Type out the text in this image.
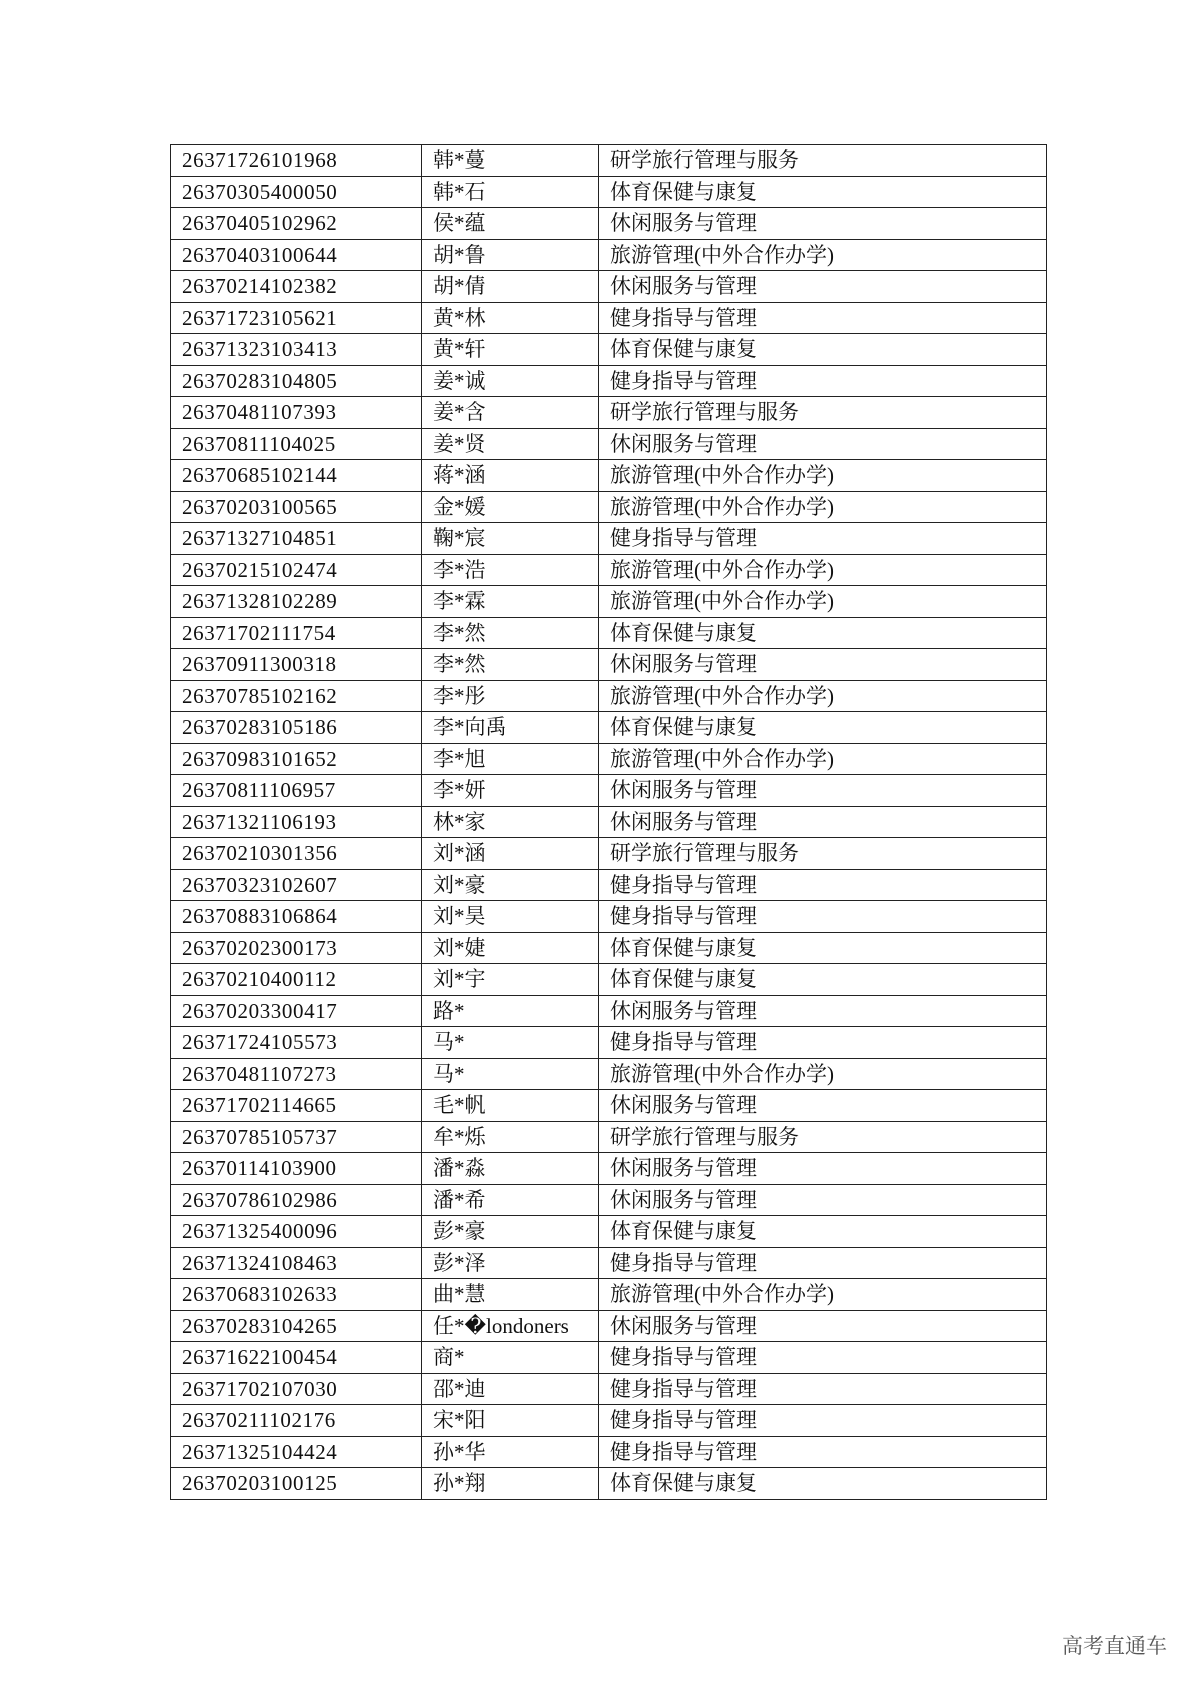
26371726101968	韩*蔓	研学旅行管理与服务
26370305400050	韩*石	体育保健与康复
26370405102962	侯*蕴	休闲服务与管理
26370403100644	胡*鲁	旅游管理(中外合作办学)
26370214102382	胡*倩	休闲服务与管理
26371723105621	黄*林	健身指导与管理
26371323103413	黄*轩	体育保健与康复
26370283104805	姜*诚	健身指导与管理
26370481107393	姜*含	研学旅行管理与服务
26370811104025	姜*贤	休闲服务与管理
26370685102144	蒋*涵	旅游管理(中外合作办学)
26370203100565	金*媛	旅游管理(中外合作办学)
26371327104851	鞠*宸	健身指导与管理
26370215102474	李*浩	旅游管理(中外合作办学)
26371328102289	李*霖	旅游管理(中外合作办学)
26371702111754	李*然	体育保健与康复
26370911300318	李*然	休闲服务与管理
26370785102162	李*彤	旅游管理(中外合作办学)
26370283105186	李*向禹	体育保健与康复
26370983101652	李*旭	旅游管理(中外合作办学)
26370811106957	李*妍	休闲服务与管理
26371321106193	林*家	休闲服务与管理
26370210301356	刘*涵	研学旅行管理与服务
26370323102607	刘*豪	健身指导与管理
26370883106864	刘*昊	健身指导与管理
26370202300173	刘*婕	体育保健与康复
26370210400112	刘*宇	体育保健与康复
26370203300417	路*	休闲服务与管理
26371724105573	马*	健身指导与管理
26370481107273	马*	旅游管理(中外合作办学)
26371702114665	毛*帆	休闲服务与管理
26370785105737	牟*烁	研学旅行管理与服务
26370114103900	潘*淼	休闲服务与管理
26370786102986	潘*希	休闲服务与管理
26371325400096	彭*豪	体育保健与康复
26371324108463	彭*泽	健身指导与管理
26370683102633	曲*慧	旅游管理(中外合作办学)
26370283104265	任*�londoners	休闲服务与管理
26371622100454	商*	健身指导与管理
26371702107030	邵*迪	健身指导与管理
26370211102176	宋*阳	健身指导与管理
26371325104424	孙*华	健身指导与管理
26370203100125	孙*翔	体育保健与康复
高考直通车
